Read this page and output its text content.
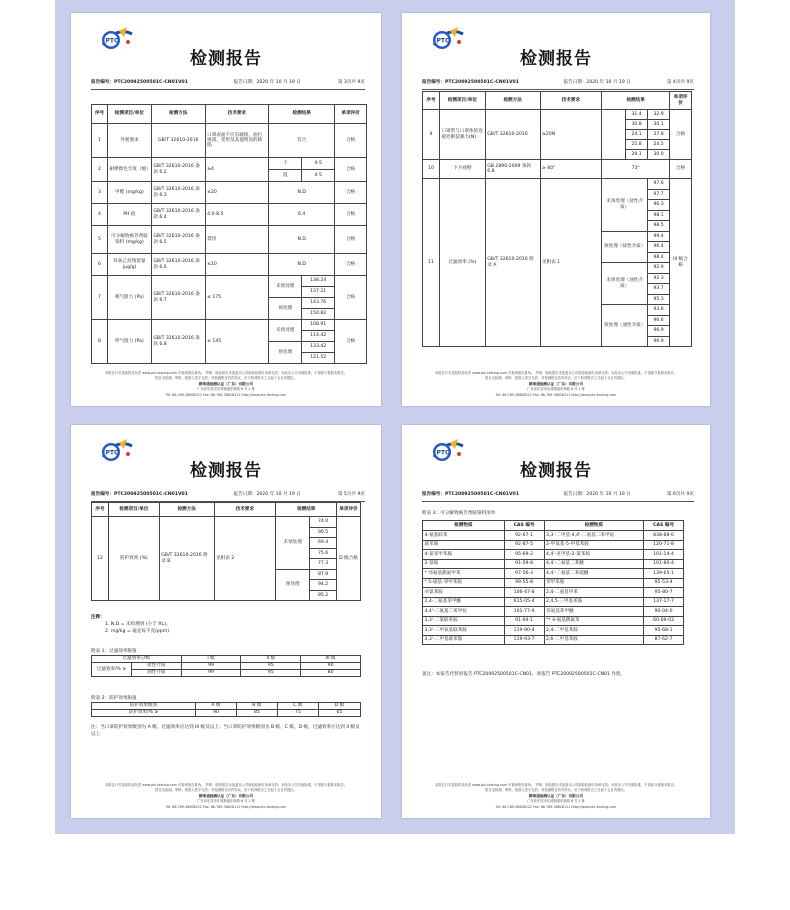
PTC
检测报告
报告编号：PTC20092500501C-CN01V01	报告日期：2020 年 10 月 19 日	第 3页共 9页
序号	检测项目/单位	检测方法	技术要求	检测结果		单项评价
1	外观要求	GB/T 32610-2016	口罩表面不应有破损、油污斑渍、变形及其他明显的缺陷	符合		合格
2	耐摩擦色牢度（级）	GB/T 32610-2016 条款 6.2	≥4	干	4-5	合格
				湿	4-5	
3	甲醛 (mg/kg)	GB/T 32610-2016 条款 6.3	≤20	N.D		合格
4	PH 值	GB/T 32610-2016 条款 6.4	4.0-8.5	6.4		合格
5	可分解致癌芳香胺染料 (mg/kg)	GB/T 32610-2016 条款 6.5	禁用	N.D		合格
6	环氧乙烷残留量(μg/g)	GB/T 32610-2016 条款 6.6	≤10	N.D		合格
7	吸气阻力 (Pa)	GB/T 32610-2016 条款 6.7	≤ 175	未预处理	138.24	合格
					137.21	
				预处理	143.76	
					150.82	
8	呼气阻力 (Pa)	GB/T 32610-2016 条款 6.8	≤ 145	未预处理	108.91	合格
					114.42	
				预处理	133.42	
					121.52	
本报告只对送检样品负责 www.ptc-testing.com 可查询报告真伪。 声明：检验报告未加盖本公司检验检测专用章无效；未经本公司书面批准，不得部分复制本报告。
报告无检测、审核、批准人签字无效；对检测报告若有异议，应于收到报告之日起十五日内提出。
精准通检测认证（广东）有限公司
广东省东莞市东城街道东纵路 6 号 1 栋
Tel: 86-769-38808222 Fax: 86-769-38826111 http://www.ptc-testing.com
PTC
检测报告
报告编号：PTC20092500501C-CN01V01	报告日期：2020 年 10 月 19 日	第 4页共 9页
序号	检测项目/单位	检测方法	技术要求	检测结果			单项评价
9	口罩带与口罩体的连接处断裂强力(N)	GB/T 32610-2016	≥20N		31.4	32.9	合格
					30.8	30.1	
					24.1	27.8	
					25.8	24.5	
					29.1	30.0	
10	下方视野	GB 2890-2009 条款 6.8	≥ 60°	73°			合格
11	过滤效率 (%)	GB/T 32610-2016 附录 A	见附表 1	未预处理（盐性介质）		97.6	III 级合格
						97.7	
						96.3	
						98.1	
						98.5	
				预处理（盐性介质）		99.4	
						96.4	
						98.4	
				未预处理（油性介质）		92.9	
						92.3	
						93.7	
						95.3	
				预处理（油性介质）		93.8	
						96.6	
						96.9	
						96.9	
本报告只对送检样品负责 www.ptc-testing.com 可查询报告真伪。 声明：检验报告未加盖本公司检验检测专用章无效；未经本公司书面批准，不得部分复制本报告。
报告无检测、审核、批准人签字无效；对检测报告若有异议，应于收到报告之日起十五日内提出。
精准通检测认证（广东）有限公司
广东省东莞市东城街道东纵路 6 号 1 栋
Tel: 86-769-38808222 Fax: 86-769-38826111 http://www.ptc-testing.com
PTC
检测报告
报告编号：PTC20092500501C-CN01V01	报告日期：2020 年 10 月 19 日	第 5页共 9页
序号	检测项目/单位	检测方法	技术要求	检测结果		单项评价
12	防护效果 (%)	GB/T 32610-2016 附录 B	见附表 2	未预处理	74.0	D 级合格
					90.5	
					69.4	
					75.6	
					77.3	
				预处理	87.9	
					94.2	
					85.2	
注释：
1. N.D = 未检测到 (小于 RL)。
2. mg/kg = 毫克每千克(ppm)
附表 1：过滤效率限值
过滤效率分级		I 级	II 级	III 级
过滤效率/% ≥	盐性介质	99	95	90
	油性介质	99	95	80
附表 2：防护效果限值
防护效果级别	A 级	B 级	C 级	D 级
防护效果/% ≥	90	85	75	65
注：当口罩防护效果级别为 A 级、过滤效率应达到 III 级及以上；当口罩防护效果级别为 B 级、C 级、D 级，过滤效率应达到 II 级及以上
本报告只对送检样品负责 www.ptc-testing.com 可查询报告真伪。 声明：检验报告未加盖本公司检验检测专用章无效；未经本公司书面批准，不得部分复制本报告。
报告无检测、审核、批准人签字无效；对检测报告若有异议，应于收到报告之日起十五日内提出。
精准通检测认证（广东）有限公司
广东省东莞市东城街道东纵路 6 号 1 栋
Tel: 86-769-38808222 Fax: 86-769-38826111 http://www.ptc-testing.com
PTC
检测报告
报告编号：PTC20092500501C-CN01V01	报告日期：2020 年 10 月 19 日	第 6页共 9页
附表 3：可分解致癌芳香胺染料清单
检测物质	CAS 编号	检测物质	CAS 编号
4-氨基联苯	92-67-1	3,3'-二甲基-4,4'-二氨基二苯甲烷	838-88-0
联苯胺	92-87-5	2-甲氧基-5-甲基苯胺	120-71-8
4-氯邻甲苯胺	95-69-2	4,4'-亚甲基-2-氯苯胺	101-14-4
2-萘胺	91-59-8	4,4'-二氨基二苯醚	101-80-4
* 邻氨基偶氮甲苯	97-56-3	4,4'-二氨基二苯硫醚	139-65-1
* 5-硝基-邻甲苯胺	99-55-8	邻甲苯胺	95-53-4
对氯苯胺	106-47-8	2,4-二氨基甲苯	95-80-7
2,4-二氨基苯甲醚	615-05-4	2,4,5-三甲基苯胺	137-17-7
4,4'-二氨基二苯甲烷	101-77-9	邻氨基苯甲醚	90-04-0
3,3'-二氯联苯胺	91-94-1	** 4-氨基偶氮苯	60-09-03
3,3'-二甲氧基联苯胺	119-90-4	2,4-二甲基苯胺	95-68-1
3,3'-二甲基联苯胺	119-93-7	2,6-二甲基苯胺	87-62-7
备注：本报告代替原报告 PTC20092500501C-CN01，原报告 PTC20092500501C-CN01 作废。
本报告只对送检样品负责 www.ptc-testing.com 可查询报告真伪。 声明：检验报告未加盖本公司检验检测专用章无效；未经本公司书面批准，不得部分复制本报告。
报告无检测、审核、批准人签字无效；对检测报告若有异议，应于收到报告之日起十五日内提出。
精准通检测认证（广东）有限公司
广东省东莞市东城街道东纵路 6 号 1 栋
Tel: 86-769-38808222 Fax: 86-769-38826111 http://www.ptc-testing.com
